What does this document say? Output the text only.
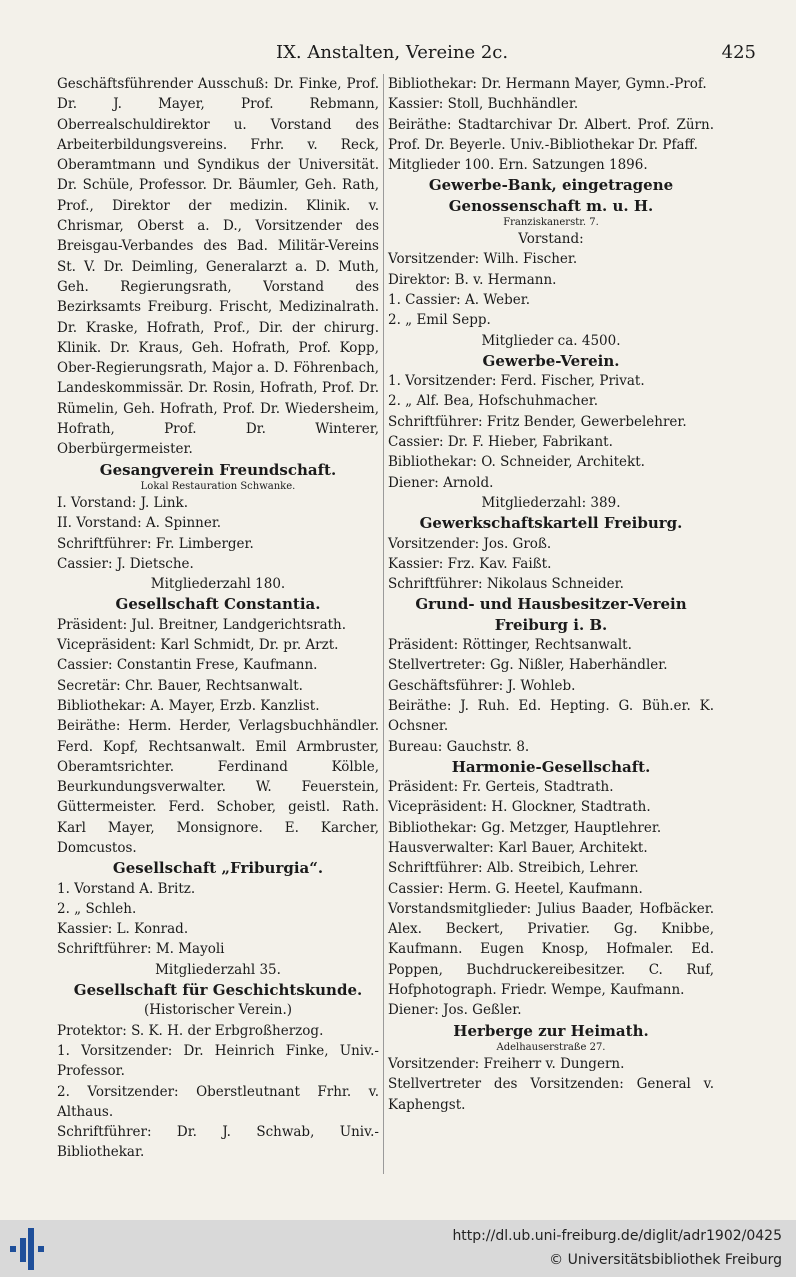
IX. Anstalten, Vereine 2c.	425

Geschäftsführender Ausschuß: Dr. Finke, Prof. Dr. J. Mayer, Prof. Rebmann, Oberrealschuldirektor u. Vorstand des Arbeiterbildungsvereins. Frhr. v. Reck, Oberamtmann und Syndikus der Universität. Dr. Schüle, Professor. Dr. Bäumler, Geh. Rath, Prof., Direktor der medizin. Klinik. v. Chrismar, Oberst a. D., Vorsitzender des Breisgau-Verbandes des Bad. Militär-Vereins St. V. Dr. Deimling, Generalarzt a. D. Muth, Geh. Regierungsrath, Vorstand des Bezirksamts Freiburg. Frischt, Medizinalrath. Dr. Kraske, Hofrath, Prof., Dir. der chirurg. Klinik. Dr. Kraus, Geh. Hofrath, Prof. Kopp, Ober-Regierungsrath, Major a. D. Föhrenbach, Landeskommissär. Dr. Rosin, Hofrath, Prof. Dr. Rümelin, Geh. Hofrath, Prof. Dr. Wiedersheim, Hofrath, Prof. Dr. Winterer, Oberbürgermeister.

Gesangverein Freundschaft.

Lokal Restauration Schwanke.

I. Vorstand: J. Link.

II. Vorstand: A. Spinner.

Schriftführer: Fr. Limberger.

Cassier: J. Dietsche.

Mitgliederzahl 180.

Gesellschaft Constantia.

Präsident: Jul. Breitner, Landgerichtsrath.

Vicepräsident: Karl Schmidt, Dr. pr. Arzt.

Cassier: Constantin Frese, Kaufmann.

Secretär: Chr. Bauer, Rechtsanwalt.

Bibliothekar: A. Mayer, Erzb. Kanzlist.

Beiräthe: Herm. Herder, Verlagsbuchhändler. Ferd. Kopf, Rechtsanwalt. Emil Armbruster, Oberamtsrichter. Ferdinand Kölble, Beurkundungsverwalter. W. Feuerstein, Güttermeister. Ferd. Schober, geistl. Rath. Karl Mayer, Monsignore. E. Karcher, Domcustos.

Gesellschaft „Friburgia“.

1. Vorstand A. Britz.

2. „ Schleh.

Kassier: L. Konrad.

Schriftführer: M. Mayoli

Mitgliederzahl 35.

Gesellschaft für Geschichtskunde.

(Historischer Verein.)

Protektor: S. K. H. der Erbgroßherzog.

1. Vorsitzender: Dr. Heinrich Finke, Univ.-Professor.

2. Vorsitzender: Oberstleutnant Frhr. v. Althaus.

Schriftführer: Dr. J. Schwab, Univ.-Bibliothekar.

Bibliothekar: Dr. Hermann Mayer, Gymn.-Prof.

Kassier: Stoll, Buchhändler.

Beiräthe: Stadtarchivar Dr. Albert. Prof. Zürn. Prof. Dr. Beyerle. Univ.-Bibliothekar Dr. Pfaff.

Mitglieder 100. Ern. Satzungen 1896.

Gewerbe-Bank, eingetragene Genossenschaft m. u. H.

Franziskanerstr. 7.

Vorstand:

Vorsitzender: Wilh. Fischer.

Direktor: B. v. Hermann.

1. Cassier: A. Weber.

2. „ Emil Sepp.

Mitglieder ca. 4500.

Gewerbe-Verein.

1. Vorsitzender: Ferd. Fischer, Privat.

2. „ Alf. Bea, Hofschuhmacher.

Schriftführer: Fritz Bender, Gewerbelehrer.

Cassier: Dr. F. Hieber, Fabrikant.

Bibliothekar: O. Schneider, Architekt.

Diener: Arnold.

Mitgliederzahl: 389.

Gewerkschaftskartell Freiburg.

Vorsitzender: Jos. Groß.

Kassier: Frz. Kav. Faißt.

Schriftführer: Nikolaus Schneider.

Grund- und Hausbesitzer-Verein Freiburg i. B.

Präsident: Röttinger, Rechtsanwalt.

Stellvertreter: Gg. Nißler, Haberhändler.

Geschäftsführer: J. Wohleb.

Beiräthe: J. Ruh. Ed. Hepting. G. Büh.er. K. Ochsner.

Bureau: Gauchstr. 8.

Harmonie-Gesellschaft.

Präsident: Fr. Gerteis, Stadtrath.

Vicepräsident: H. Glockner, Stadtrath.

Bibliothekar: Gg. Metzger, Hauptlehrer.

Hausverwalter: Karl Bauer, Architekt.

Schriftführer: Alb. Streibich, Lehrer.

Cassier: Herm. G. Heetel, Kaufmann.

Vorstandsmitglieder: Julius Baader, Hofbäcker. Alex. Beckert, Privatier. Gg. Knibbe, Kaufmann. Eugen Knosp, Hofmaler. Ed. Poppen, Buchdruckereibesitzer. C. Ruf, Hofphotograph. Friedr. Wempe, Kaufmann.

Diener: Jos. Geßler.

Herberge zur Heimath.

Adelhauserstraße 27.

Vorsitzender: Freiherr v. Dungern.

Stellvertreter des Vorsitzenden: General v. Kaphengst.

http://dl.ub.uni-freiburg.de/diglit/adr1902/0425
© Universitätsbibliothek Freiburg
